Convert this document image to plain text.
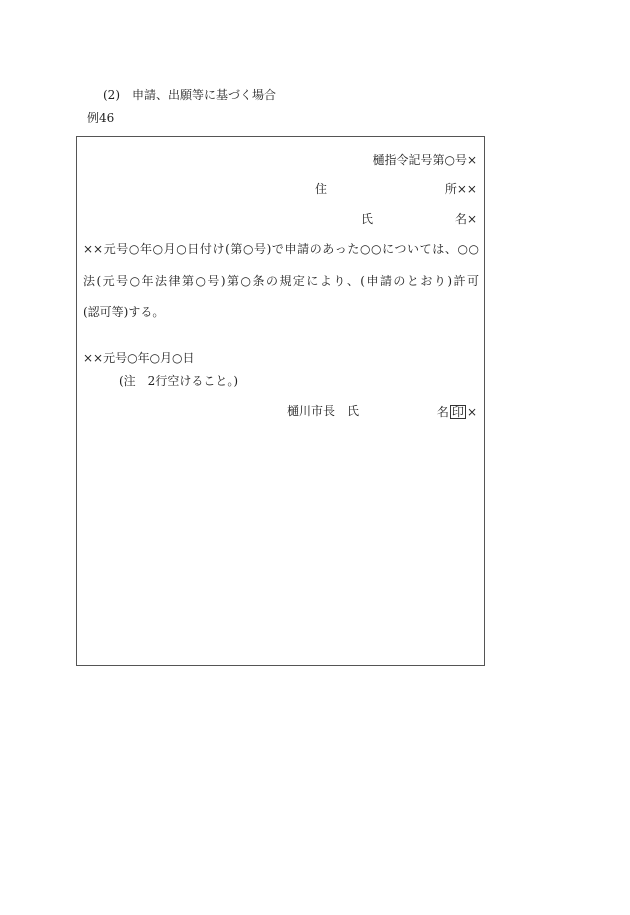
(2)　申請、出願等に基づく場合
例46
樋指令記号第○号×
住	所××
氏	名×
××元号○年○月○日付け(第○号)で申請のあった○○については、○○
法(元号○年法律第○号)第○条の規定により、(申請のとおり)許可
(認可等)する。
××元号○年○月○日
(注　2行空けること。)
樋川市長　氏	名 印 ×
